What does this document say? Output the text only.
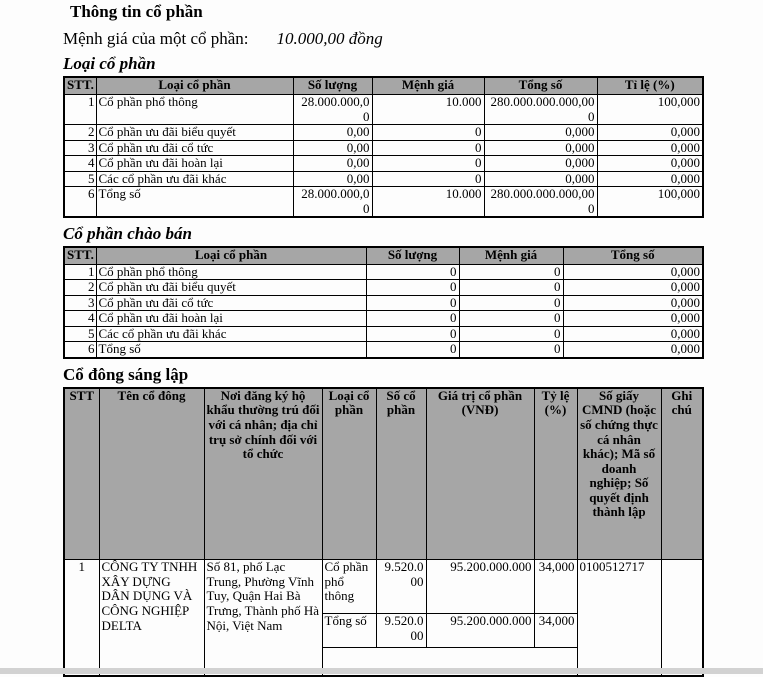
Thông tin cổ phần
Mệnh giá của một cổ phần: 10.000,00 đồng
Loại cổ phần
STT.	Loại cổ phần	Số lượng	Mệnh giá	Tổng số	Tỉ lệ (%)
1	Cổ phần phổ thông	28.000.000,00	10.000	280.000.000.000,000	100,000
2	Cổ phần ưu đãi biểu quyết	0,00	0	0,000	0,000
3	Cổ phần ưu đãi cổ tức	0,00	0	0,000	0,000
4	Cổ phần ưu đãi hoàn lại	0,00	0	0,000	0,000
5	Các cổ phần ưu đãi khác	0,00	0	0,000	0,000
6	Tổng số	28.000.000,00	10.000	280.000.000.000,000	100,000
Cổ phần chào bán
STT.	Loại cổ phần	Số lượng	Mệnh giá	Tổng số
1	Cổ phần phổ thông	0	0	0,000
2	Cổ phần ưu đãi biểu quyết	0	0	0,000
3	Cổ phần ưu đãi cổ tức	0	0	0,000
4	Cổ phần ưu đãi hoàn lại	0	0	0,000
5	Các cổ phần ưu đãi khác	0	0	0,000
6	Tổng số	0	0	0,000
Cổ đông sáng lập
STT	Tên cổ đông	Nơi đăng ký hộ khẩu thường trú đối với cá nhân; địa chỉ trụ sở chính đối với tổ chức	Loại cổ phần	Số cổ phần	Giá trị cổ phần (VNĐ)	Tỷ lệ (%)	Số giấy CMND (hoặc số chứng thực cá nhân khác); Mã số doanh nghiệp; Số quyết định thành lập	Ghi chú
1	CÔNG TY TNHH XÂY DỰNG DÂN DỤNG VÀ CÔNG NGHIỆP DELTA	Số 81, phố Lạc Trung, Phường Vĩnh Tuy, Quận Hai Bà Trưng, Thành phố Hà Nội, Việt Nam	Cổ phần phổ thông	9.520.000	95.200.000.000	34,000	0100512717	
			Tổng số	9.520.000	95.200.000.000	34,000		
